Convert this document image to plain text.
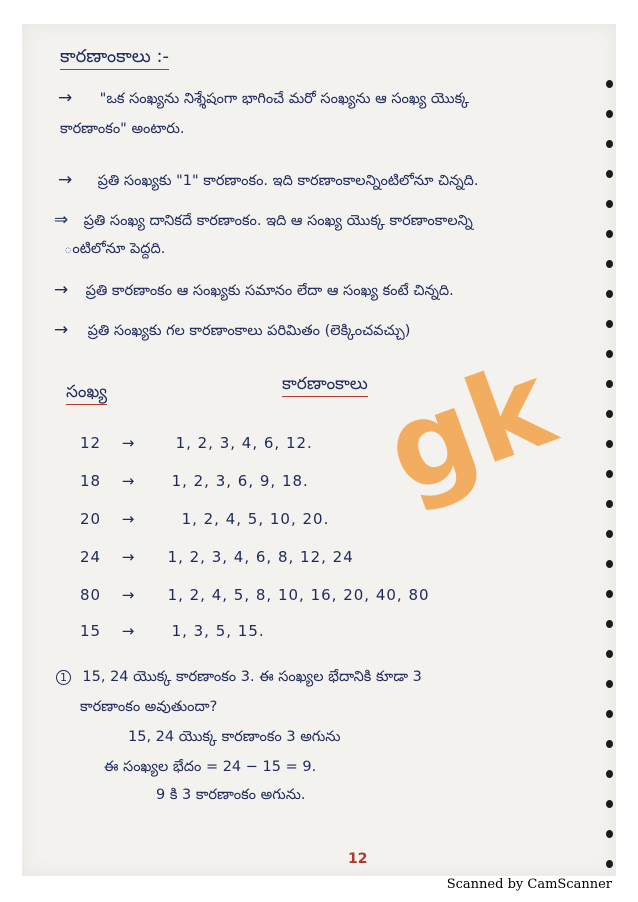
కారణాంకాలు :-
→ "ఒక సంఖ్యను నిశ్శేషంగా భాగించే మరో సంఖ్యను ఆ సంఖ్య యొక్క
కారణాంకం" అంటారు.
→ ప్రతి సంఖ్యకు "1" కారణాంకం. ఇది కారణాంకాలన్నింటిలోనూ చిన్నది.
⇒ ప్రతి సంఖ్య దానికదే కారణాంకం. ఇది ఆ సంఖ్య యొక్క కారణాంకాలన్ని
ంటిలోనూ పెద్దది.
→ ప్రతి కారణాంకం ఆ సంఖ్యకు సమానం లేదా ఆ సంఖ్య కంటే చిన్నది.
→ ప్రతి సంఖ్యకు గల కారణాంకాలు పరిమితం (లెక్కించవచ్చు)
సంఖ్య	కారణాంకాలు
12 →	1, 2, 3, 4, 6, 12.
18 → 1, 2, 3, 6, 9, 18.
20 →	1, 2, 4, 5, 10, 20.
24 → 1, 2, 3, 4, 6, 8, 12, 24
80 → 1, 2, 4, 5, 8, 10, 16, 20, 40, 80
15 → 1, 3, 5, 15.
1 15, 24 యొక్క కారణాంకం 3. ఈ సంఖ్యల భేదానికి కూడా 3
కారణాంకం అవుతుందా?
15, 24 యొక్క కారణాంకం 3 అగును
ఈ సంఖ్యల భేదం = 24 − 15 = 9.
9 కి 3 కారణాంకం అగును.
12
gk
Scanned by CamScanner
